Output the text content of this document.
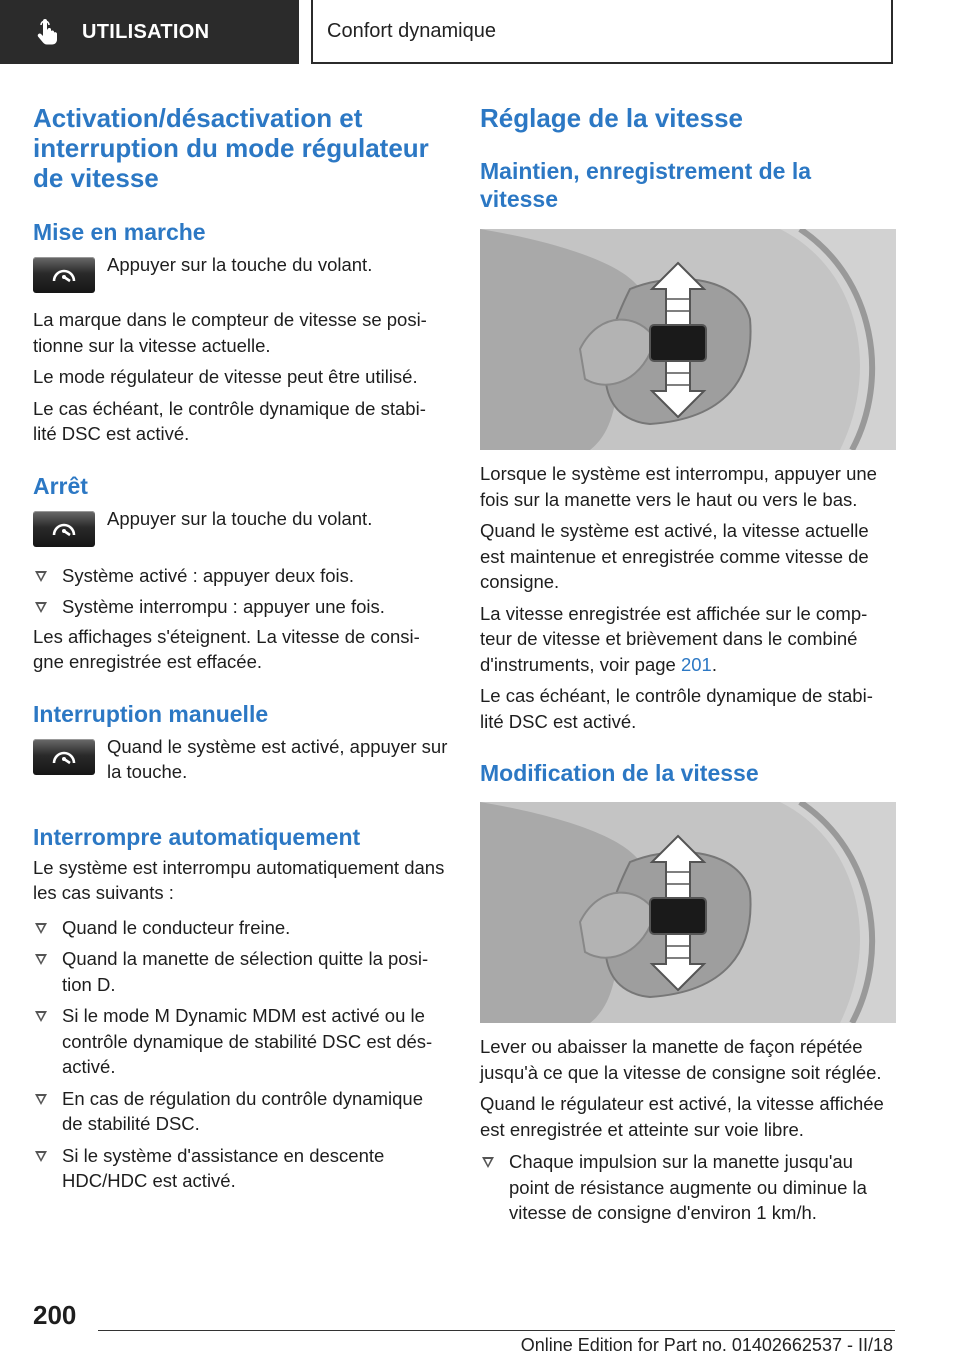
UTILISATION	Confort dynamique
Activation/désactivation et interruption du mode régulateur de vitesse
Mise en marche

Appuyer sur la touche du volant.

La marque dans le compteur de vitesse se posi‐ tionne sur la vitesse actuelle.

Le mode régulateur de vitesse peut être utilisé.

Le cas échéant, le contrôle dynamique de stabi‐ lité DSC est activé.

Arrêt

Appuyer sur la touche du volant.

Système activé : appuyer deux fois.
Système interrompu : appuyer une fois.

Les affichages s'éteignent. La vitesse de consi‐ gne enregistrée est effacée.

Interruption manuelle

Quand le système est activé, appuyer sur la touche.

Interrompre automatiquement

Le système est interrompu automatiquement dans les cas suivants :

Quand le conducteur freine.
Quand la manette de sélection quitte la posi‐ tion D.
Si le mode M Dynamic MDM est activé ou le contrôle dynamique de stabilité DSC est dés‐ activé.
En cas de régulation du contrôle dynamique de stabilité DSC.
Si le système d'assistance en descente HDC/HDC est activé.
Réglage de la vitesse
Maintien, enregistrement de la vitesse

Lorsque le système est interrompu, appuyer une fois sur la manette vers le haut ou vers le bas.

Quand le système est activé, la vitesse actuelle est maintenue et enregistrée comme vitesse de consigne.

La vitesse enregistrée est affichée sur le comp‐ teur de vitesse et brièvement dans le combiné d'instruments, voir page 201.

Le cas échéant, le contrôle dynamique de stabi‐ lité DSC est activé.

Modification de la vitesse

Lever ou abaisser la manette de façon répétée jusqu'à ce que la vitesse de consigne soit réglée.

Quand le régulateur est activé, la vitesse affichée est enregistrée et atteinte sur voie libre.

Chaque impulsion sur la manette jusqu'au point de résistance augmente ou diminue la vitesse de consigne d'environ 1 km/h.
200
Online Edition for Part no. 01402662537 - II/18
